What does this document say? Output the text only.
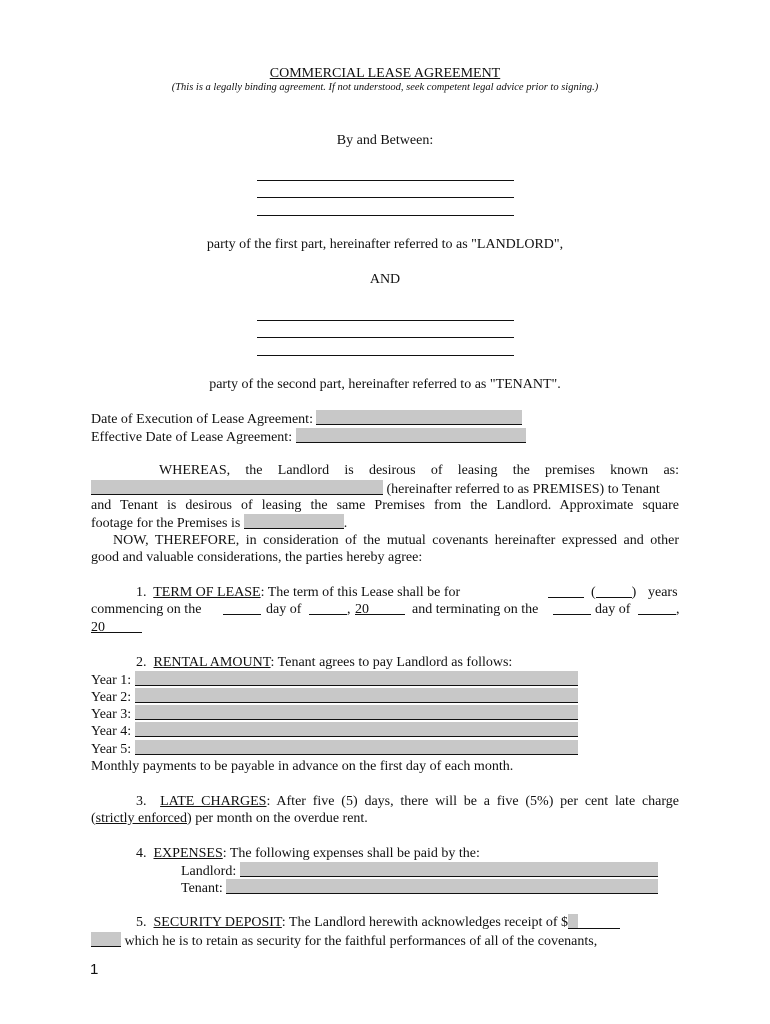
COMMERCIAL LEASE AGREEMENT
(This is a legally binding agreement. If not understood, seek competent legal advice prior to signing.)
By and Between:
party of the first part, hereinafter referred to as "LANDLORD",
AND
party of the second part, hereinafter referred to as "TENANT".
Date of Execution of Lease Agreement:
Effective Date of Lease Agreement:
WHEREAS, the Landlord is desirous of leasing the premises known as:
(hereinafter referred to as PREMISES) to Tenant
and Tenant is desirous of leasing the same Premises from the Landlord. Approximate square
footage for the Premises is	.
NOW, THEREFORE, in consideration of the mutual covenants hereinafter expressed and other
good and valuable considerations, the parties hereby agree:
1. TERM OF LEASE: The term of this Lease shall be for	(	) years
commencing on the	day of	, 20	and terminating on the	day of	,
20
2. RENTAL AMOUNT: Tenant agrees to pay Landlord as follows:
Year 1:
Year 2:
Year 3:
Year 4:
Year 5:
Monthly payments to be payable in advance on the first day of each month.
3. LATE CHARGES: After five (5) days, there will be a five (5%) per cent late charge
(strictly enforced) per month on the overdue rent.
4. EXPENSES: The following expenses shall be paid by the:
Landlord:
Tenant:
5. SECURITY DEPOSIT: The Landlord herewith acknowledges receipt of $
which he is to retain as security for the faithful performances of all of the covenants,
1
